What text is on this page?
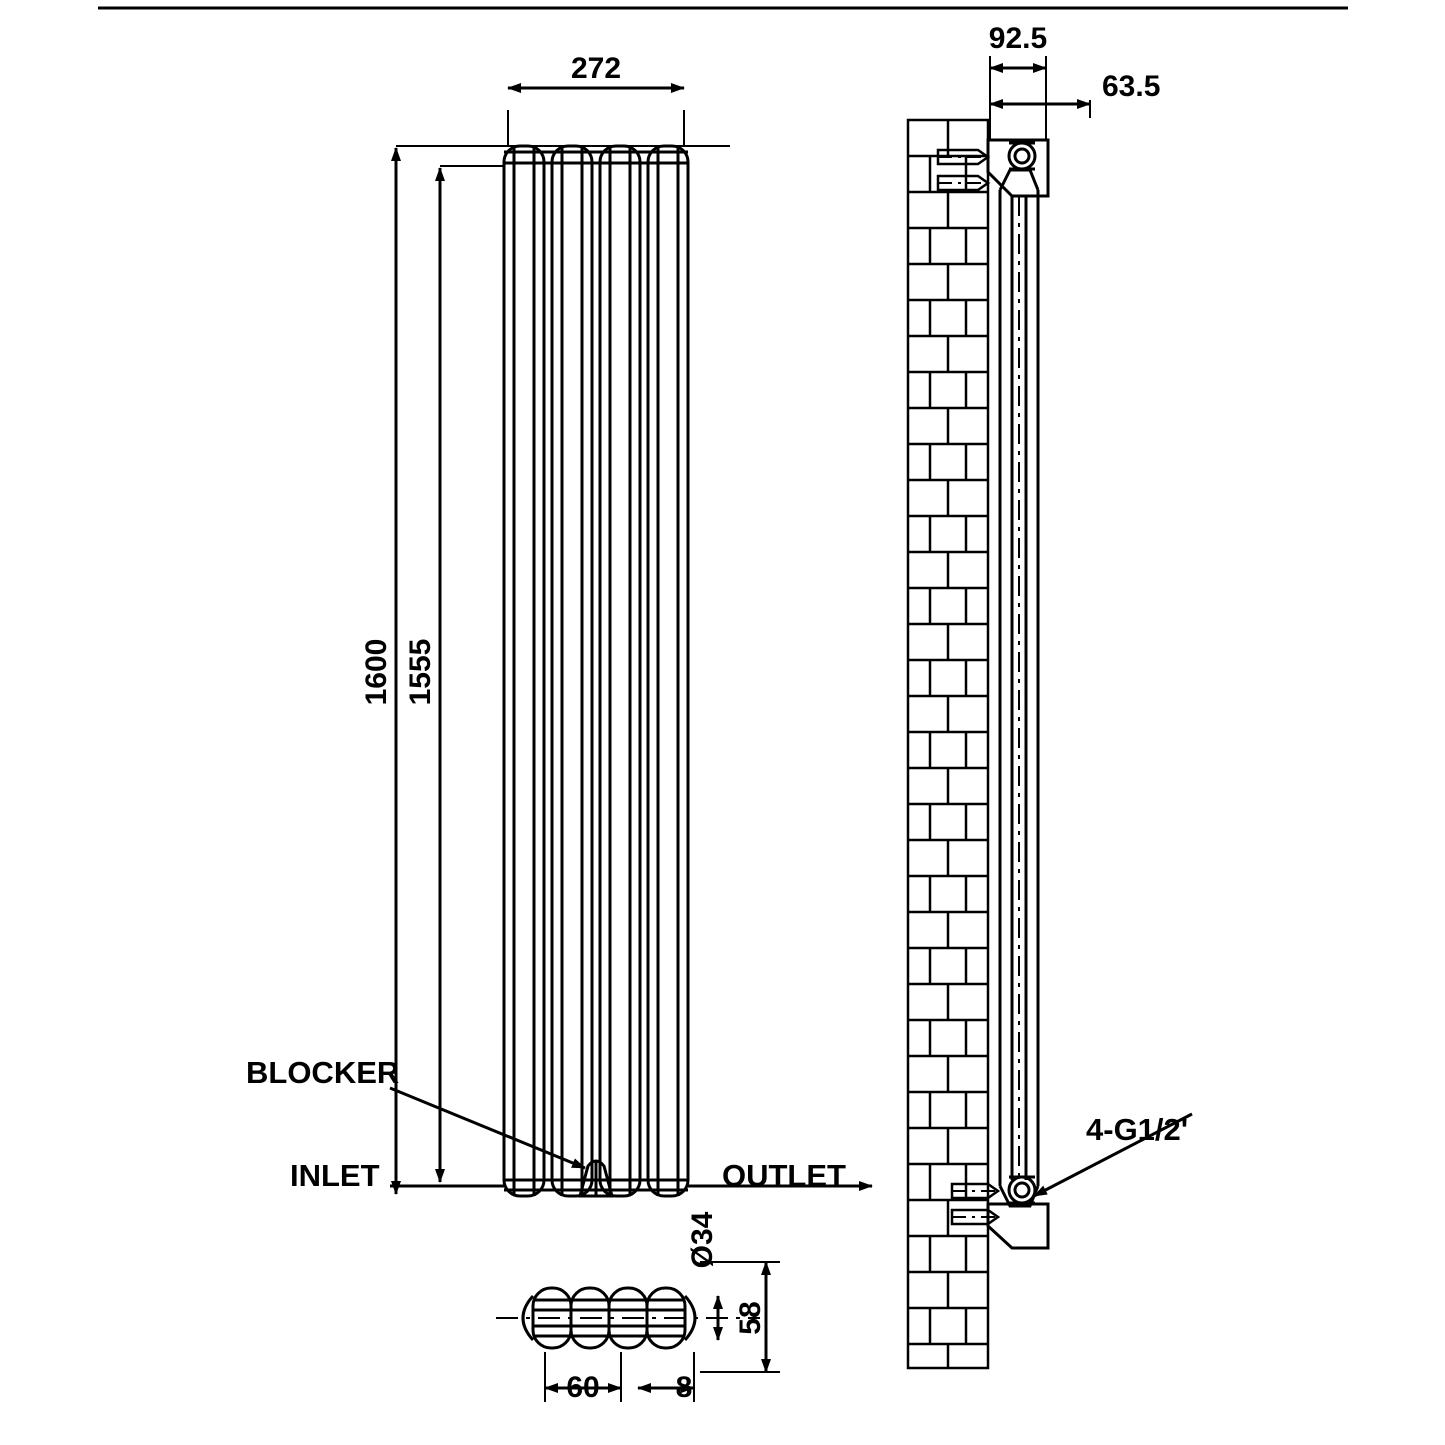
272
1600 1555
BLOCKER
INLET	OUTLET
Ø34
58
60	8
92.5
63.5
4-G1/2'
